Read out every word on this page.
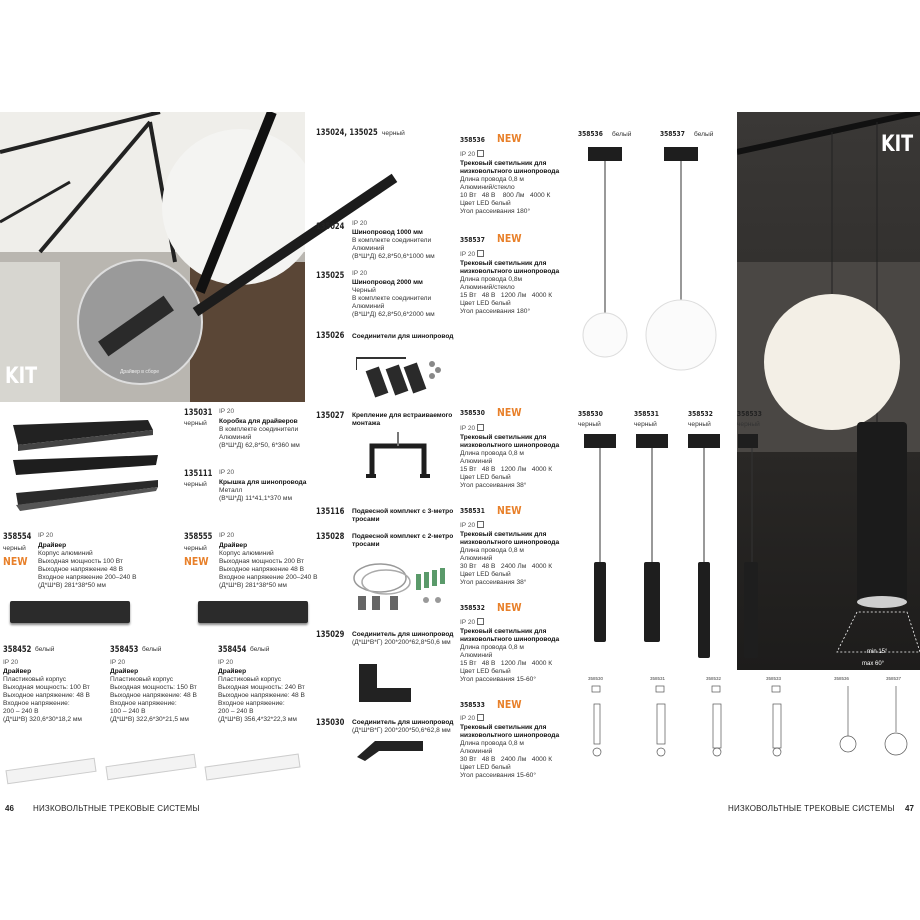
KIT	Драйвер в сборе
KIT
min 15°
max 60°
135031
черный
IP 20
Коробка для драйверов
В комплекте соединители
Алюминий
(В*Ш*Д) 62,8*50, 6*360 мм
135111
черный
IP 20
Крышка для шинопровода
Металл
(В*Ш*Д) 11*41,1*370 мм
358554
черный
NEW
IP 20
Драйвер
Корпус алюминий
Выходная мощность 100 Вт
Выходное напряжение 48 В
Входное напряжение 200–240 В
(Д*Ш*В) 281*38*50 мм
358555
черный
NEW
IP 20
Драйвер
Корпус алюминий
Выходная мощность 200 Вт
Выходное напряжение 48 В
Входное напряжение 200–240 В
(Д*Ш*В) 281*38*50 мм
358452 белый
IP 20
Драйвер
Пластиковый корпус
Выходная мощность: 100 Вт
Выходное напряжение: 48 В
Входное напряжение:
200 – 240 В
(Д*Ш*В) 320,6*30*18,2 мм
358453 белый
IP 20
Драйвер
Пластиковый корпус
Выходная мощность: 150 Вт
Выходное напряжение: 48 В
Входное напряжение:
100 – 240 В
(Д*Ш*В) 322,6*30*21,5 мм
358454 белый
IP 20
Драйвер
Пластиковый корпус
Выходная мощность: 240 Вт
Выходное напряжение: 48 В
Входное напряжение:
200 – 240 В
(Д*Ш*В) 356,4*32*22,3 мм
135024, 135025 черный
135024 IP 20
Шинопровод 1000 мм
В комплекте соединители
Алюминий
(В*Ш*Д) 62,8*50,6*1000 мм
135025 IP 20
Шинопровод 2000 мм
Черный
В комплекте соединители
Алюминий
(В*Ш*Д) 62,8*50,6*2000 мм
135026 Соединители для шинопровод
135027 Крепление для встраиваемого монтажа
135116 Подвесной комплект с 3-метро тросами
135028 Подвесной комплект с 2-метро тросами
135029 Соединитель для шинопровод
(Д*Ш*В*Г) 200*200*62,8*50,6 мм
135030 Соединитель для шинопровод
(Д*Ш*В*Г) 200*200*50,6*62,8 мм
358536 NEW
IP 20
Трековый светильник для низковольтного шинопровода
Длина провода 0,8 м
Алюминий/стекло
10 Вт   48 В    800 Лм   4000 К
Цвет LED белый
Угол рассеивания 180°
358537 NEW
IP 20
Трековый светильник для низковольтного шинопровода
Длина провода 0,8м
Алюминий/стекло
15 Вт   48 В   1200 Лм   4000 К
Цвет LED белый
Угол рассеивания 180°
358530 NEW
IP 20
Трековый светильник для низковольтного шинопровода
Длина провода 0,8 м
Алюминий
15 Вт   48 В   1200 Лм   4000 К
Цвет LED белый
Угол рассеивания 38°
358531 NEW
IP 20
Трековый светильник для низковольтного шинопровода
Длина провода 0,8 м
Алюминий
30 Вт   48 В   2400 Лм   4000 К
Цвет LED белый
Угол рассеивания 38°
358532 NEW
IP 20
Трековый светильник для низковольтного шинопровода
Длина провода 0,8 м
Алюминий
15 Вт   48 В   1200 Лм   4000 К
Цвет LED белый
Угол рассеивания 15-60°
358533 NEW
IP 20
Трековый светильник для низковольтного шинопровода
Длина провода 0,8 м
Алюминий
30 Вт   48 В   2400 Лм   4000 К
Цвет LED белый
Угол рассеивания 15-60°
358536 белый	358537 белый
358530
черный
358531
черный
358532
черный
358533
черный
358530	358531	358532	358533	358536	358537
46 НИЗКОВОЛЬТНЫЕ ТРЕКОВЫЕ СИСТЕМЫ	НИЗКОВОЛЬТНЫЕ ТРЕКОВЫЕ СИСТЕМЫ 47
